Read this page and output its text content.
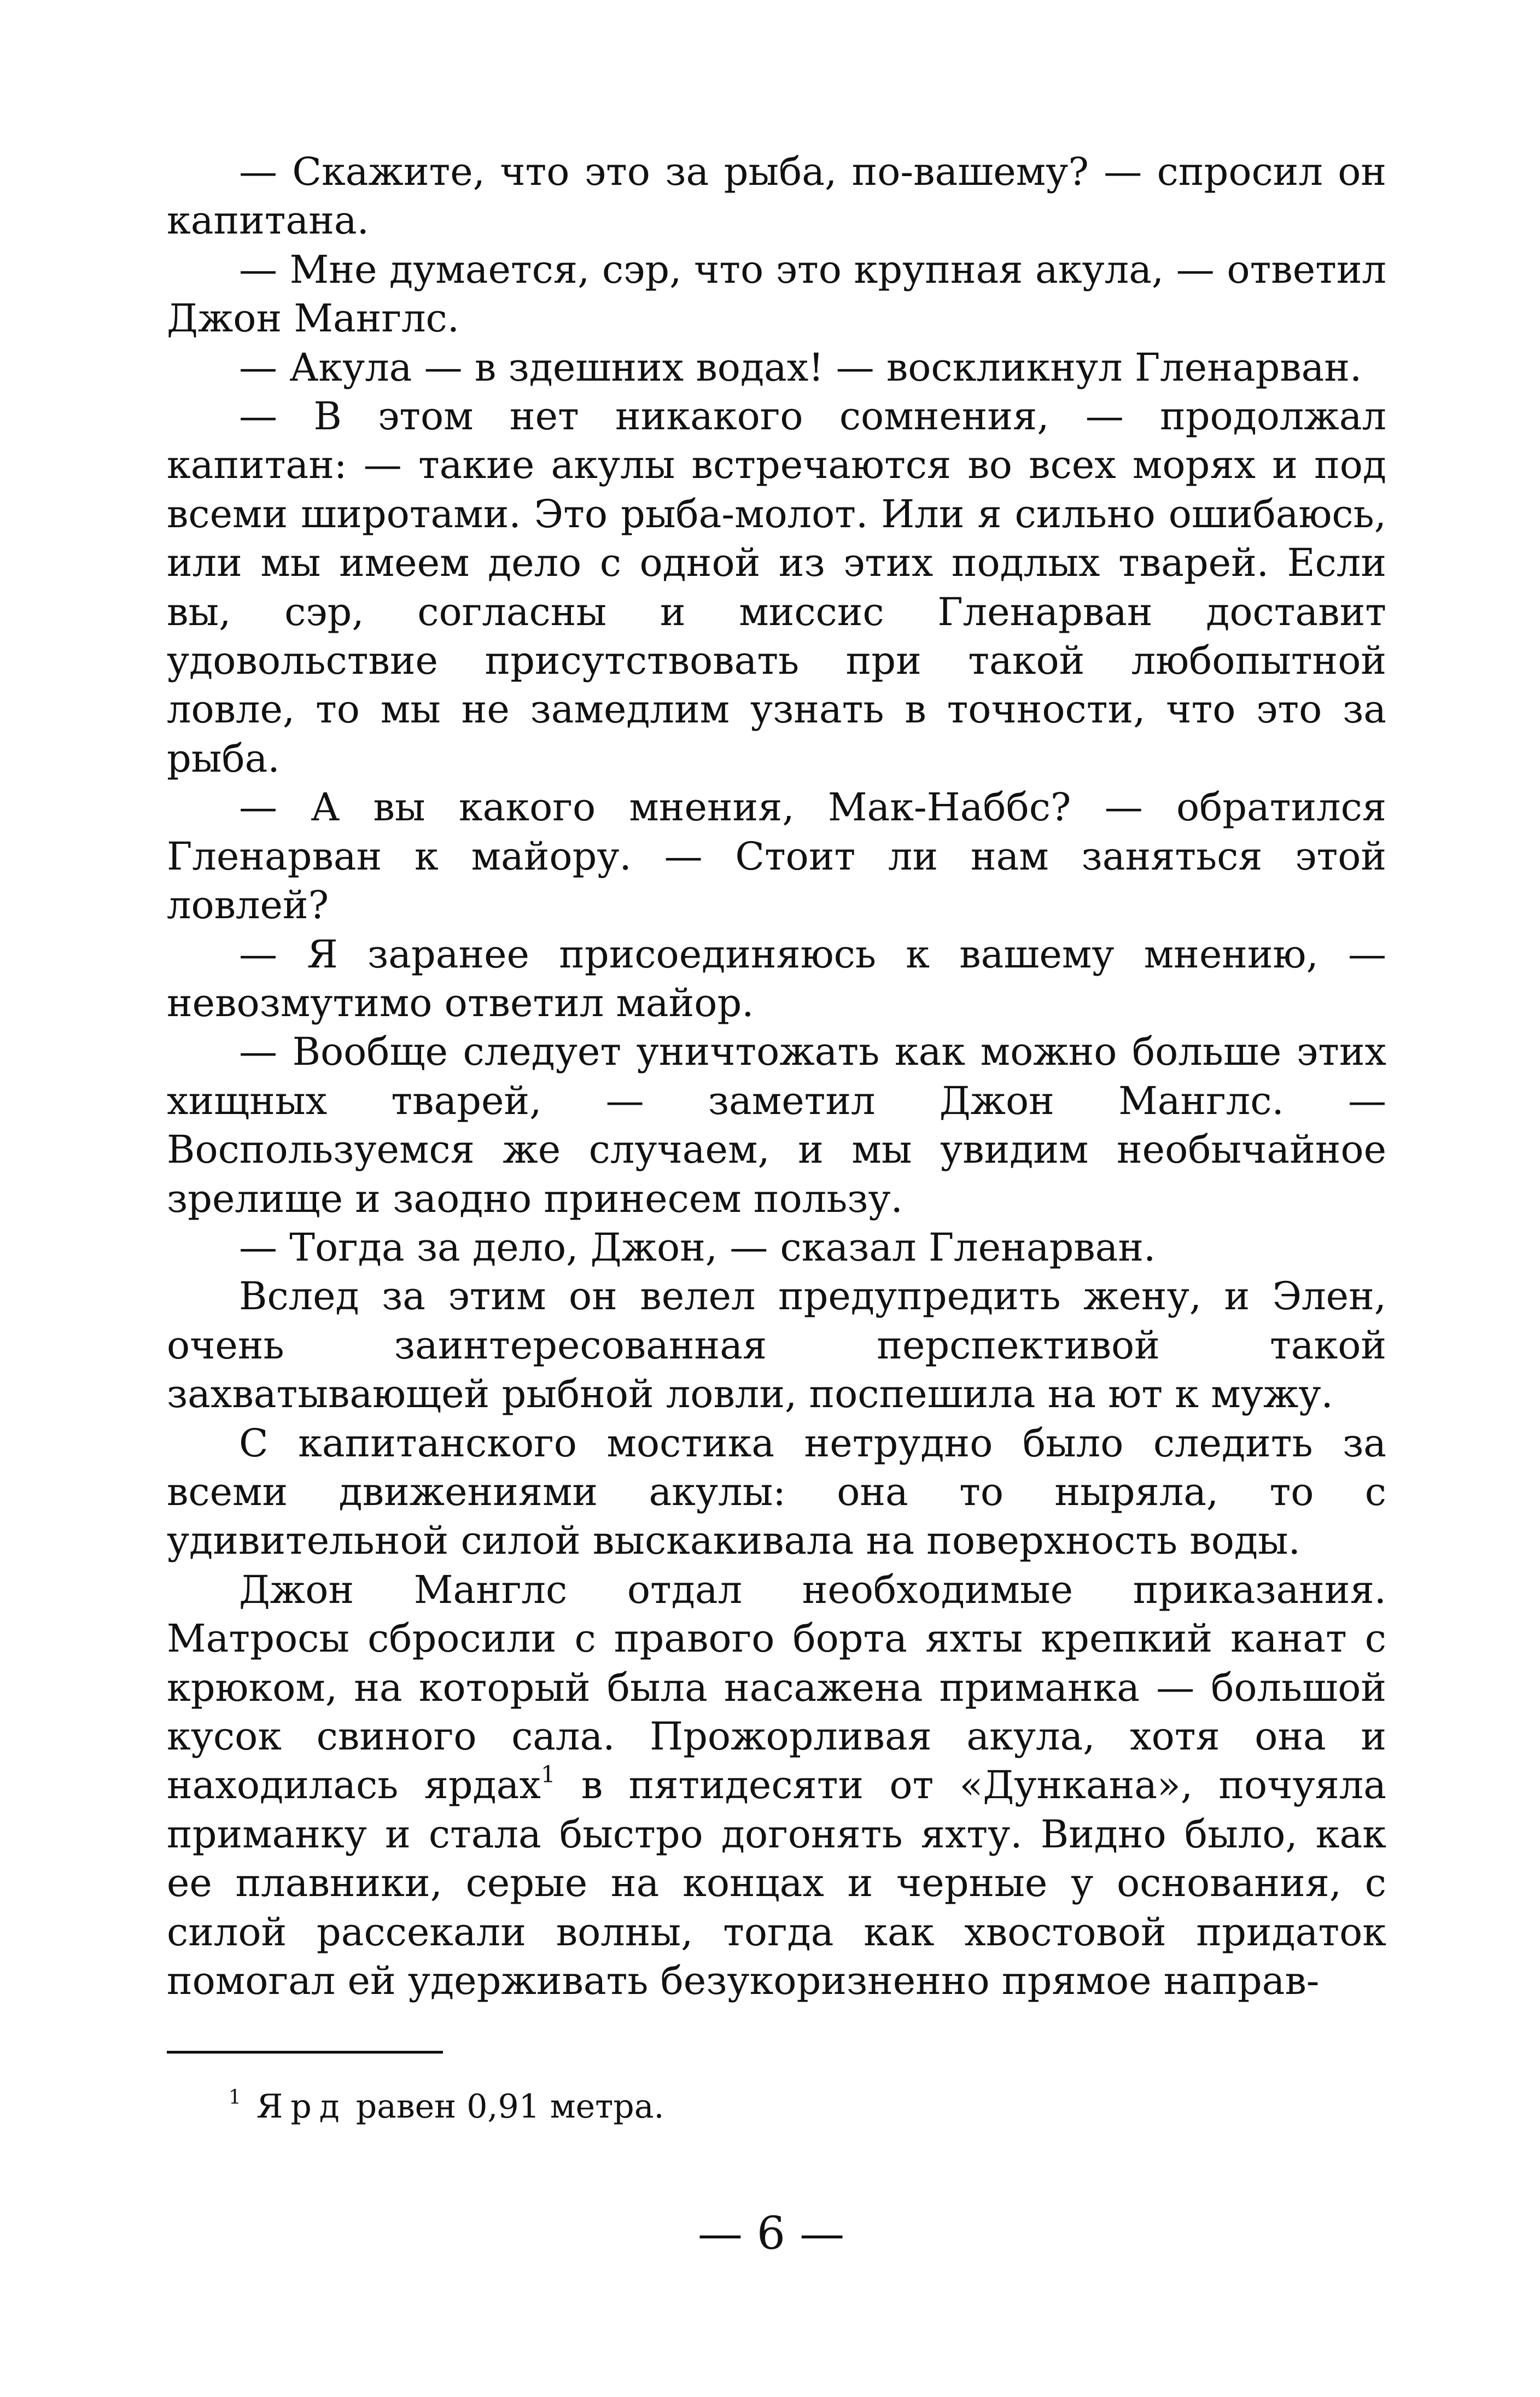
— Скажите, что это за рыба, по-вашему? — спросил он капитана.

— Мне думается, сэр, что это крупная акула, — ответил Джон Манглс.

— Акула — в здешних водах! — воскликнул Гленарван.

— В этом нет никакого сомнения, — продолжал капитан: — такие акулы встречаются во всех морях и под всеми широтами. Это рыба-молот. Или я сильно ошибаюсь, или мы имеем дело с одной из этих подлых тварей. Если вы, сэр, согласны и миссис Гленарван доставит удовольствие присутствовать при такой любопытной ловле, то мы не замедлим узнать в точности, что это за рыба.

— А вы какого мнения, Мак-Наббс? — обратился Гленарван к майору. — Стоит ли нам заняться этой ловлей?

— Я заранее присоединяюсь к вашему мнению, — невозмутимо ответил майор.

— Вообще следует уничтожать как можно больше этих хищных тварей, — заметил Джон Манглс. — Воспользуемся же случаем, и мы увидим необычайное зрелище и заодно принесем пользу.

— Тогда за дело, Джон, — сказал Гленарван.

Вслед за этим он велел предупредить жену, и Элен, очень заинтересованная перспективой такой захватывающей рыбной ловли, поспешила на ют к мужу.

С капитанского мостика нетрудно было следить за всеми движениями акулы: она то ныряла, то с удивительной силой выскакивала на поверхность воды.

Джон Манглс отдал необходимые приказания. Матросы сбросили с правого борта яхты крепкий канат с крюком, на который была насажена приманка — большой кусок свиного сала. Прожорливая акула, хотя она и находилась ярдах$^1$ в пятидесяти от «Дункана», почуяла приманку и стала быстро догонять яхту. Видно было, как ее плавники, серые на концах и черные у основания, с силой рассекали волны, тогда как хвостовой придаток помогал ей удерживать безукоризненно прямое направ-

$^1$ Ярд равен 0,91 метра.
— 6 —
